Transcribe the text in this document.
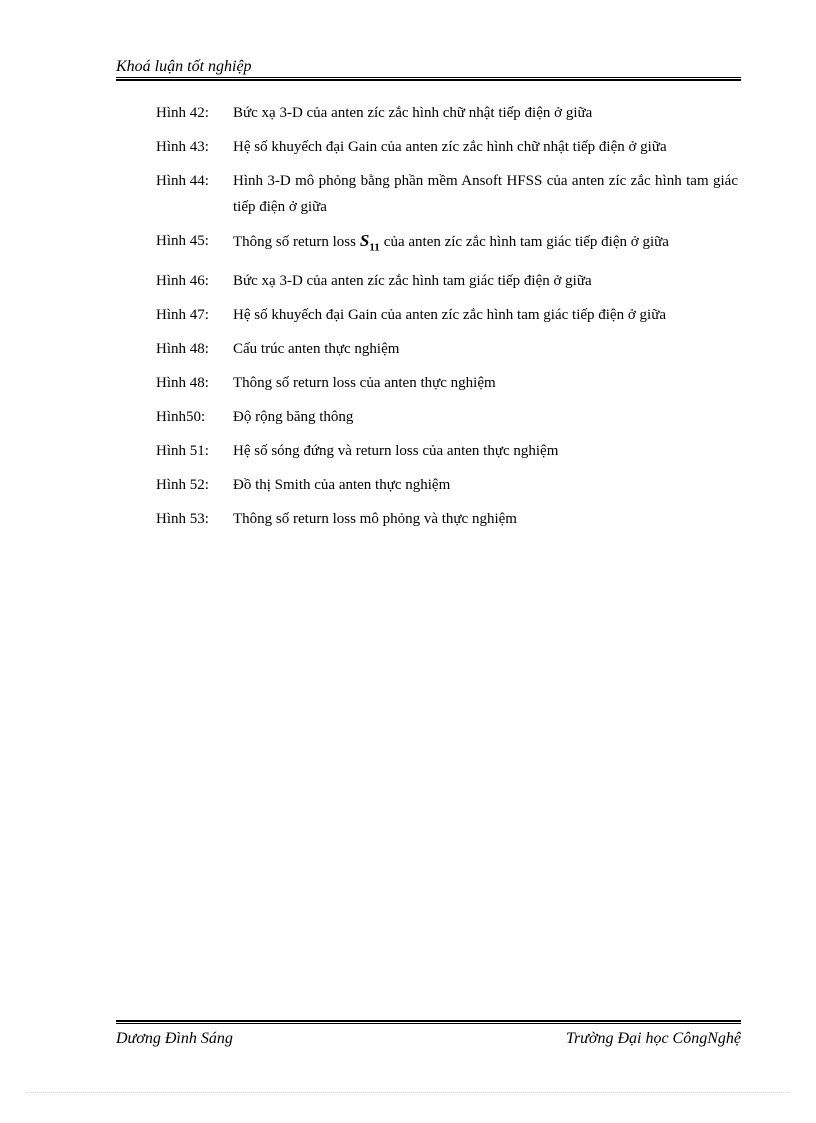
Khoá luận tốt nghiệp
Hình 42:	Bức xạ 3-D của anten zíc zắc hình chữ nhật tiếp điện ở giữa
Hình 43:	Hệ số khuyếch đại Gain của anten zíc zắc hình chữ nhật tiếp điện ở giữa
Hình 44:	Hình 3-D mô phỏng bằng phần mềm Ansoft HFSS của anten zíc zắc hình tam giác tiếp điện ở giữa
Hình 45:	Thông số return loss $S_{11}$ của anten zíc zắc hình tam giác tiếp điện ở giữa
Hình 46:	Bức xạ 3-D của anten zíc zắc hình tam giác tiếp điện ở giữa
Hình 47:	Hệ số khuyếch đại Gain của anten zíc zắc hình tam giác tiếp điện ở giữa
Hình 48:	Cấu trúc anten thực nghiệm
Hình 48:	Thông số return loss của anten thực nghiệm
Hình50:	Độ rộng băng thông
Hình 51:	Hệ số sóng đứng và return loss của anten thực nghiệm
Hình 52:	Đồ thị Smith của anten thực nghiệm
Hình 53:	Thông số return loss mô phỏng và thực nghiệm
Dương Đình Sáng	Trường Đại học CôngNghệ
